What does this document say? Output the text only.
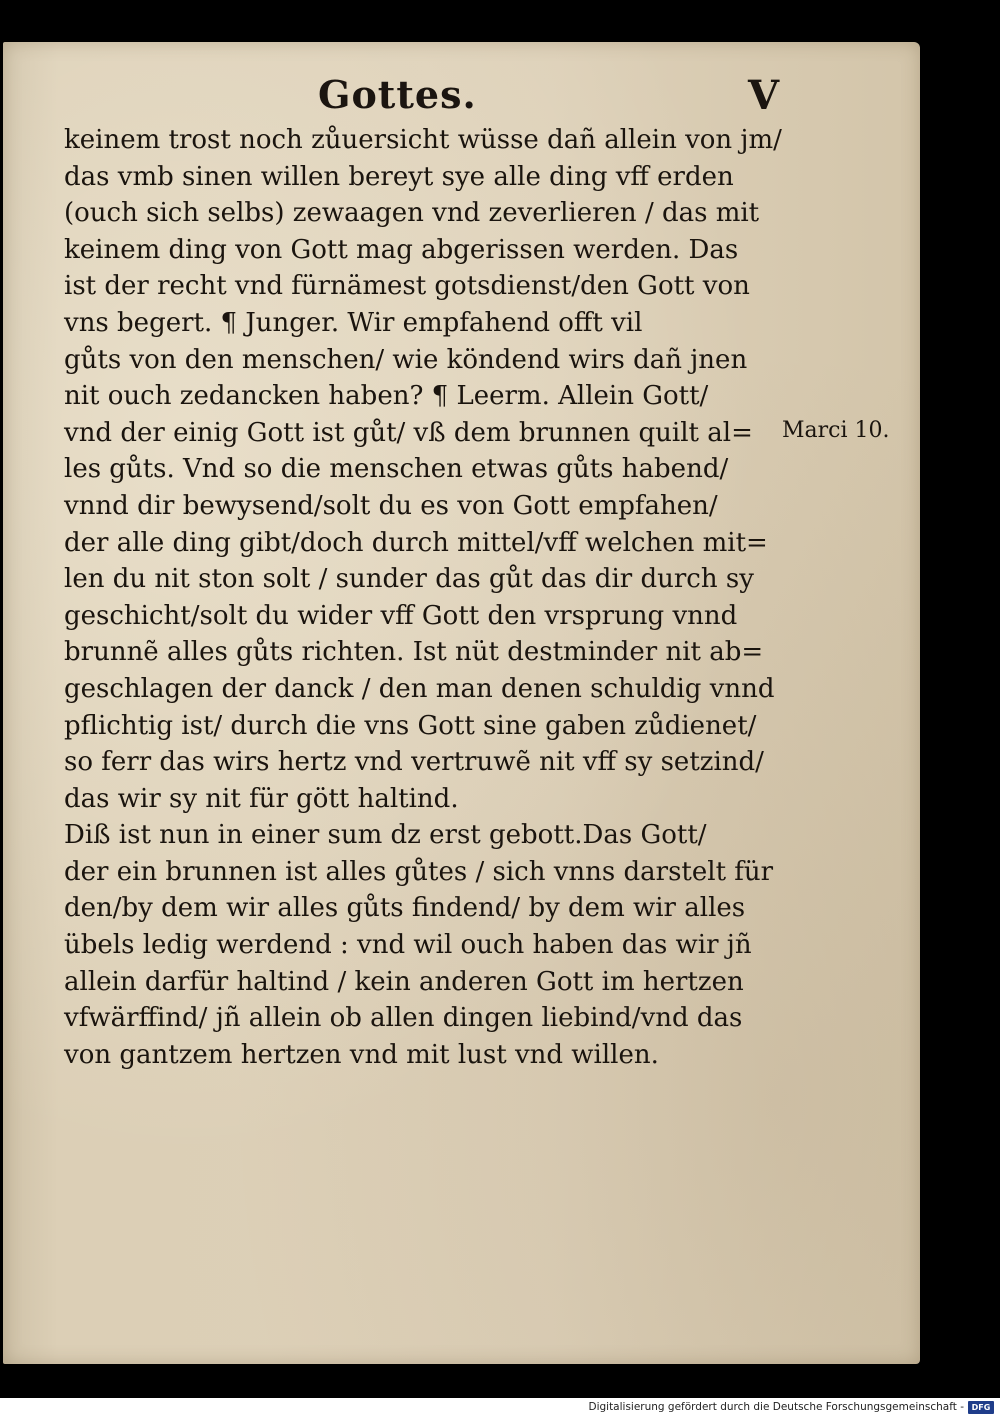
Gottes.	V
keinem trost noch zůuersicht wüsse dañ allein von jm/
das vmb sinen willen bereyt sye alle ding vff erden
(ouch sich selbs) zewaagen vnd zeverlieren / das mit
keinem ding von Gott mag abgerissen werden. Das
ist der recht vnd fürnämest gotsdienst/den Gott von
vns begert. ¶ Junger. Wir empfahend offt vil
gůts von den menschen/ wie köndend wirs dañ jnen
nit ouch zedancken haben? ¶ Leerm. Allein Gott/
vnd der einig Gott ist gůt/ vß dem brunnen quilt al=
les gůts. Vnd so die menschen etwas gůts habend/
vnnd dir bewysend/solt du es von Gott empfahen/
der alle ding gibt/doch durch mittel/vff welchen mit=
len du nit ston solt / sunder das gůt das dir durch sy
geschicht/solt du wider vff Gott den vrsprung vnnd
brunnẽ alles gůts richten. Ist nüt destminder nit ab=
geschlagen der danck / den man denen schuldig vnnd
pflichtig ist/ durch die vns Gott sine gaben zůdienet/
so ferr das wirs hertz vnd vertruwẽ nit vff sy setzind/
das wir sy nit für gött haltind.
Diß ist nun in einer sum dz erst gebott.Das Gott/
der ein brunnen ist alles gůtes / sich vnns darstelt für
den/by dem wir alles gůts findend/ by dem wir alles
übels ledig werdend : vnd wil ouch haben das wir jñ
allein darfür haltind / kein anderen Gott im hertzen
vfwärffind/ jñ allein ob allen dingen liebind/vnd das
von gantzem hertzen vnd mit lust vnd willen.
Marci 10.
Digitalisierung gefördert durch die Deutsche Forschungsgemeinschaft - DFG
